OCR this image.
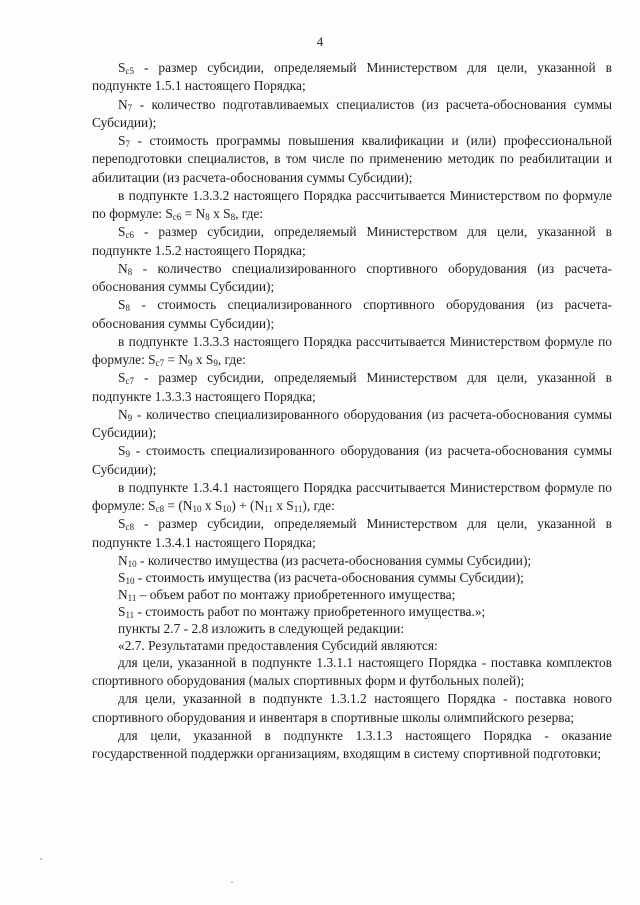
4

$S_{c5}$ - размер субсидии, определяемый Министерством для цели, указанной в подпункте 1.5.1 настоящего Порядка;

$N_7$ - количество подготавливаемых специалистов (из расчета-обоснования суммы Субсидии);

$S_7$ - стоимость программы повышения квалификации и (или) профессиональной переподготовки специалистов, в том числе по применению методик по реабилитации и абилитации (из расчета-обоснования суммы Субсидии);

в подпункте 1.3.3.2 настоящего Порядка рассчитывается Министерством по формуле по формуле: $S_{c6} = N_8$ x $S_8$, где:

$S_{c6}$ - размер субсидии, определяемый Министерством для цели, указанной в подпункте 1.5.2 настоящего Порядка;

$N_8$ - количество специализированного спортивного оборудования (из расчета-обоснования суммы Субсидии);

$S_8$ - стоимость специализированного спортивного оборудования (из расчета-обоснования суммы Субсидии);

в подпункте 1.3.3.3 настоящего Порядка рассчитывается Министерством формуле по формуле: $S_{c7} = N_9$ x $S_9$, где:

$S_{c7}$ - размер субсидии, определяемый Министерством для цели, указанной в подпункте 1.3.3.3 настоящего Порядка;

$N_9$ - количество специализированного оборудования (из расчета-обоснования суммы Субсидии);

$S_9$ - стоимость специализированного оборудования (из расчета-обоснования суммы Субсидии);

в подпункте 1.3.4.1 настоящего Порядка рассчитывается Министерством формуле по формуле: $S_{c8} = (N_{10}$ x $S_{10}) + (N_{11}$ x $S_{11}$), где:

$S_{c8}$ - размер субсидии, определяемый Министерством для цели, указанной в подпункте 1.3.4.1 настоящего Порядка;

$N_{10}$ - количество имущества (из расчета-обоснования суммы Субсидии);

$S_{10}$ - стоимость имущества (из расчета-обоснования суммы Субсидии);

$N_{11}$ – объем работ по монтажу приобретенного имущества;

$S_{11}$ - стоимость работ по монтажу приобретенного имущества.»;

пункты 2.7 - 2.8 изложить в следующей редакции:

«2.7. Результатами предоставления Субсидий являются:

для цели, указанной в подпункте 1.3.1.1 настоящего Порядка - поставка комплектов спортивного оборудования (малых спортивных форм и футбольных полей);

для цели, указанной в подпункте 1.3.1.2 настоящего Порядка - поставка нового спортивного оборудования и инвентаря в спортивные школы олимпийского резерва;

для цели, указанной в подпункте 1.3.1.3 настоящего Порядка - оказание государственной поддержки организациям, входящим в систему спортивной подготовки;
